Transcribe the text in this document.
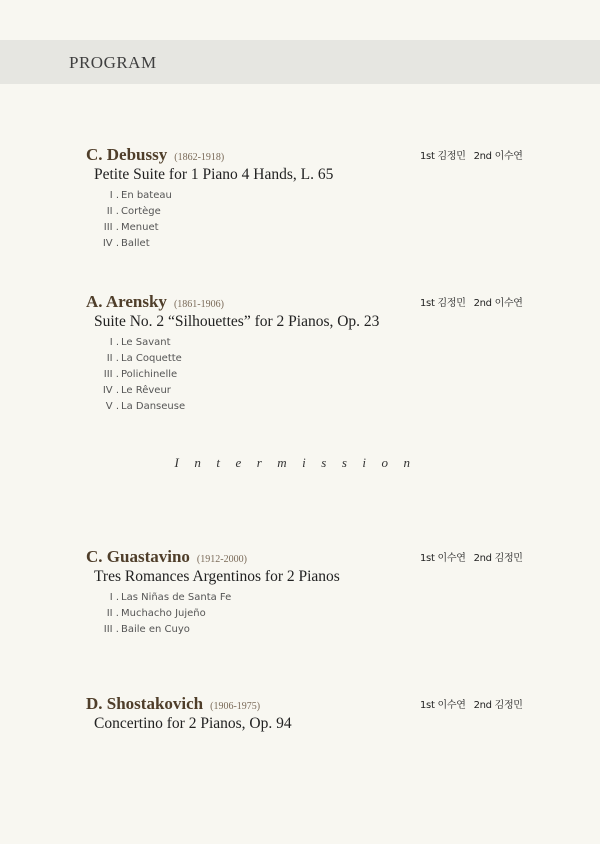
PROGRAM
C. Debussy (1862-1918)	1st 김정민 2nd 이수연
Petite Suite for 1 Piano 4 Hands, L. 65
I . En bateau
II . Cortège
III . Menuet
IV . Ballet
A. Arensky (1861-1906)	1st 김정민 2nd 이수연
Suite No. 2 “Silhouettes” for 2 Pianos, Op. 23
I . Le Savant
II . La Coquette
III . Polichinelle
IV . Le Rêveur
V . La Danseuse
Intermission
C. Guastavino (1912-2000)	1st 이수연 2nd 김정민
Tres Romances Argentinos for 2 Pianos
I . Las Niñas de Santa Fe
II . Muchacho Jujeño
III . Baile en Cuyo
D. Shostakovich (1906-1975)	1st 이수연 2nd 김정민
Concertino for 2 Pianos, Op. 94
